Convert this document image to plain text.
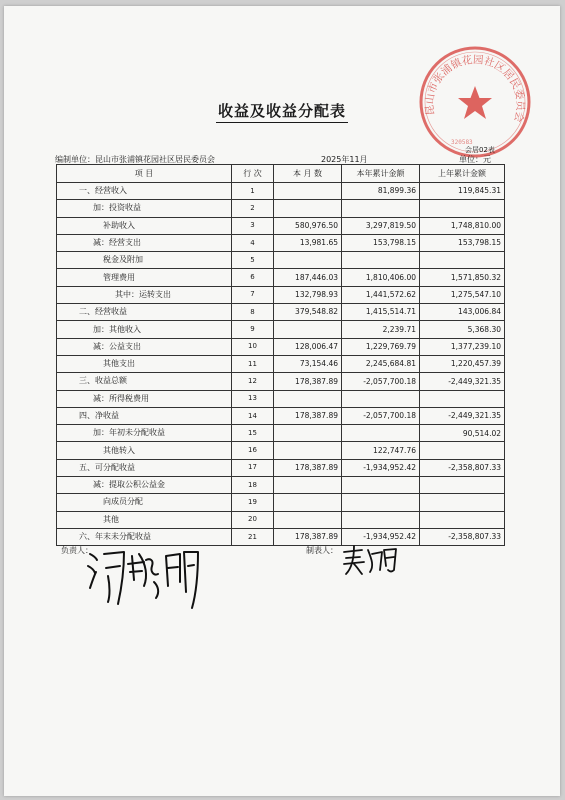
昆山市张浦镇花园社区居民委员会
320583
收益及收益分配表
会居02表
编制单位：昆山市张浦镇花园社区居民委员会	2025年11月	单位：元
项 目	行 次	本 月 数	本年累计金额	上年累计金额
一、经营收入	1		81,899.36	119,845.31
加：投资收益	2			
补助收入	3	580,976.50	3,297,819.50	1,748,810.00
减：经营支出	4	13,981.65	153,798.15	153,798.15
税金及附加	5			
管理费用	6	187,446.03	1,810,406.00	1,571,850.32
其中：运转支出	7	132,798.93	1,441,572.62	1,275,547.10
二、经营收益	8	379,548.82	1,415,514.71	143,006.84
加：其他收入	9		2,239.71	5,368.30
减：公益支出	10	128,006.47	1,229,769.79	1,377,239.10
其他支出	11	73,154.46	2,245,684.81	1,220,457.39
三、收益总额	12	178,387.89	-2,057,700.18	-2,449,321.35
减：所得税费用	13			
四、净收益	14	178,387.89	-2,057,700.18	-2,449,321.35
加：年初未分配收益	15			90,514.02
其他转入	16		122,747.76	
五、可分配收益	17	178,387.89	-1,934,952.42	-2,358,807.33
减：提取公积公益金	18			
向成员分配	19			
其他	20			
六、年末未分配收益	21	178,387.89	-1,934,952.42	-2,358,807.33
负责人：	制表人：
